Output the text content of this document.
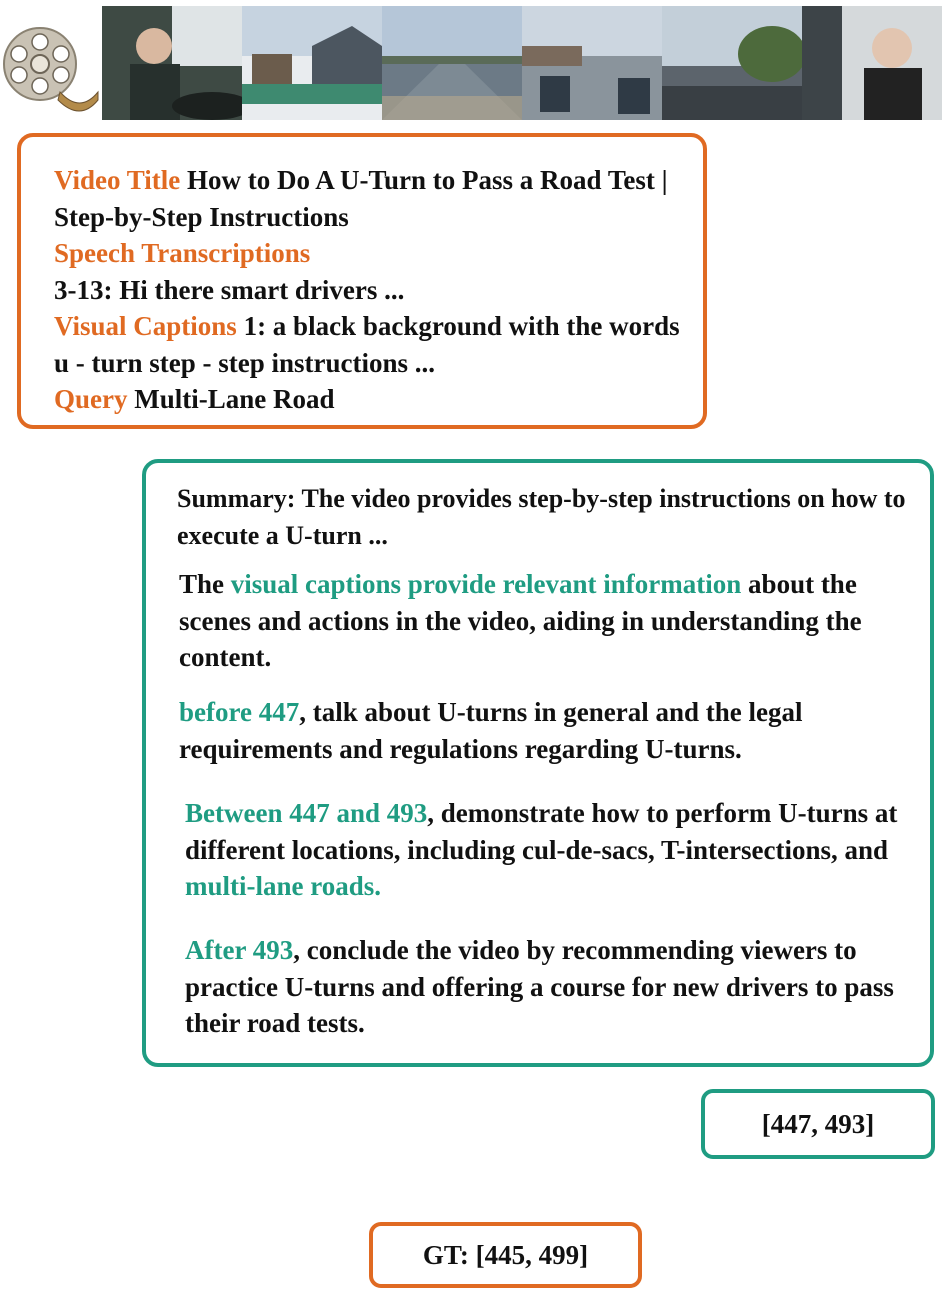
Video Title How to Do A U-Turn to Pass a Road Test | Step-by-Step Instructions
Speech Transcriptions
3-13: Hi there smart drivers ...
Visual Captions 1: a black background with the words u - turn step - step instructions ...
Query Multi-Lane Road
Summary: The video provides step-by-step instructions on how to execute a U-turn ...
The visual captions provide relevant information about the scenes and actions in the video, aiding in understanding the content.
before 447, talk about U-turns in general and the legal requirements and regulations regarding U-turns.
Between 447 and 493, demonstrate how to perform U-turns at different locations, including cul-de-sacs, T-intersections, and multi-lane roads.
After 493, conclude the video by recommending viewers to practice U-turns and offering a course for new drivers to pass their road tests.
[447, 493]
GT: [445, 499]
